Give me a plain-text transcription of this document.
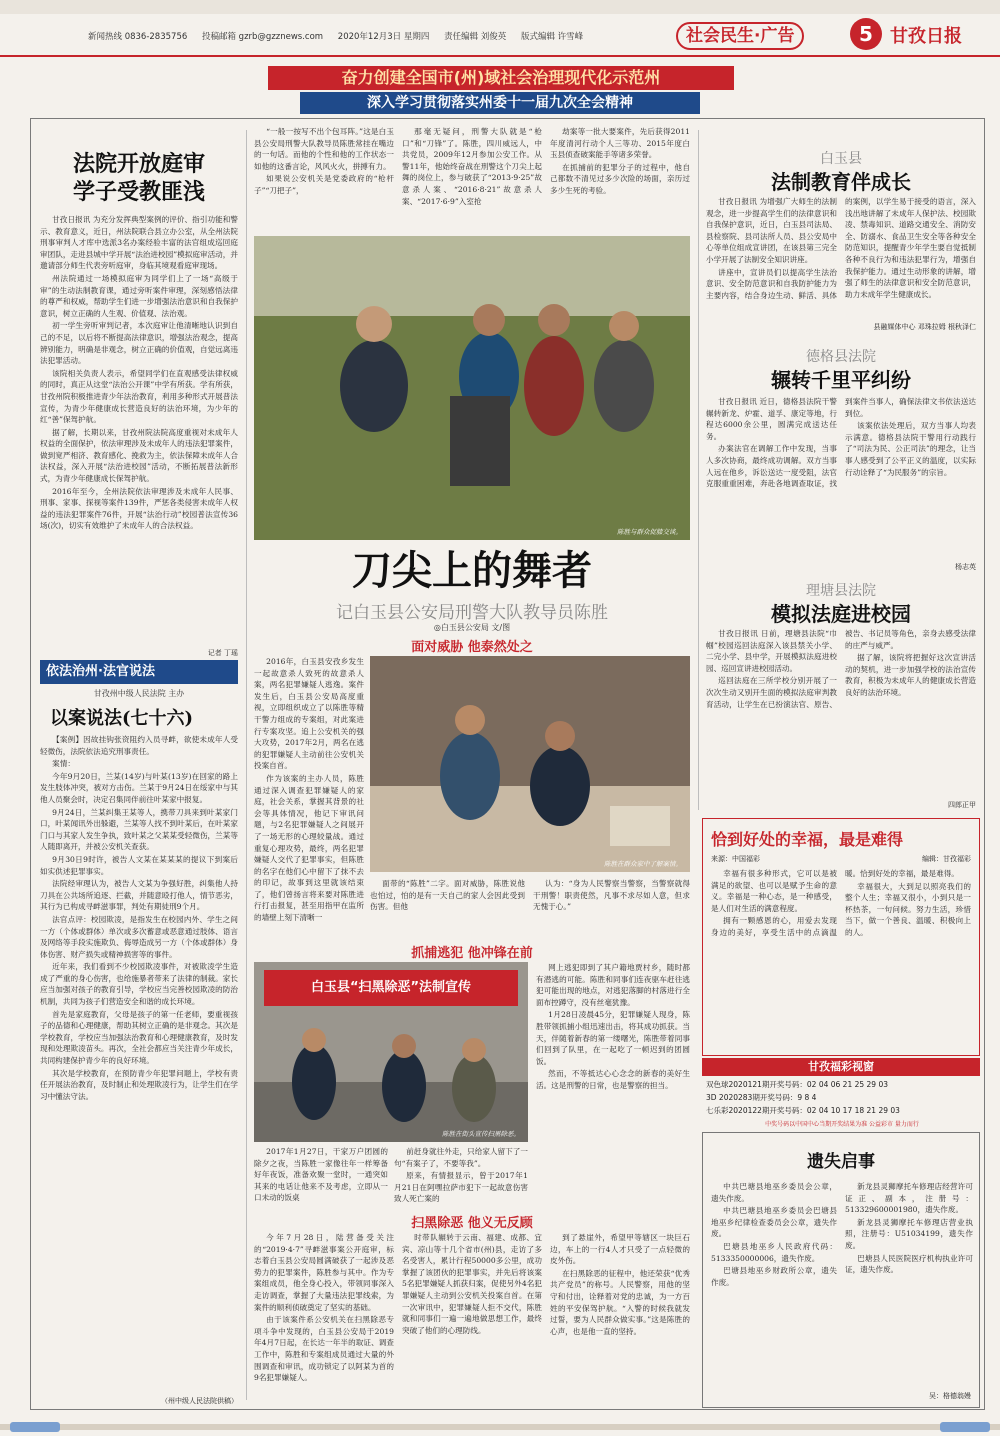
新闻热线 0836-2835756 投稿邮箱 gzrb@gzznews.com 2020年12月3日 星期四 责任编辑 刘俊英 版式编辑 许雪峰	社会民生·广告	5 甘孜日报
奋力创建全国市(州)域社会治理现代化示范州
深入学习贯彻落实州委十一届九次全会精神
法院开放庭审
学子受教匪浅

甘孜日报讯 为充分发挥典型案例的评价、指引功能和警示、教育意义，近日，州法院联合县立办公室，从全州法院刑事审判人才库中选派3名办案经验丰富的法官组成巡回庭审团队，走进县城中学开展“法治进校园”模拟庭审活动，并邀请部分师生代表旁听庭审，身临其境观看庭审现场。

州法院通过一场模拟庭审为同学们上了一场“高级于审”的生动法制教育课，通过旁听案件审理，深刻感悟法律的尊严和权威，帮助学生们进一步增强法治意识和自我保护意识，树立正确的人生观、价值观、法治观。

初一学生旁听审判记者，本次庭审让他清晰地认识到自己的不足，以后将不断提高法律意识，增强法治观念，提高辨别能力，明确是非观念，树立正确的价值观，自觉远离违法犯罪活动。

该院相关负责人表示，希望同学们在直观感受法律权威的同时，真正从这堂“法治公开课”中学有所获。学有所获，甘孜州院积极推进青少年法治教育，利用多种形式开展普法宣传，为青少年健康成长营造良好的法治环境，为少年的红“善”保驾护航。

据了解，长期以来，甘孜州院法院高度重视对未成年人权益的全面保护，依法审理涉及未成年人的违法犯罪案件，做到宽严相济、教育感化、挽救为主，依法保障未成年人合法权益，深入开展“法治进校园”活动，不断拓展普法新形式，为青少年健康成长保驾护航。

2016年至今，全州法院依法审理涉及未成年人民事、刑事、家事、探视等案件139件，严惩各类侵害未成年人权益的违法犯罪案件76件，开展“法治行动”校园普法宣传36场(次)，切实有效维护了未成年人的合法权益。

记者 丁瑶
依法治州·法官说法
甘孜州中级人民法院 主办
以案说法(七十六)

【案例】因故挂钩张资阻约入员寻衅，欲使未成年人受轻微伤，法院依法追究刑事责任。

案情：

今年9月20日，兰某(14岁)与叶某(13岁)在回家的路上发生肢体冲突，被对方击伤。兰某于9月24日在绥家中与其他人员聚会时，决定召集同伴前往叶某家中报复。

9月24日，兰某纠集王某等人，携带刀具来到叶某家门口，叶某闻讯外出躲避，兰某等人找不到叶某后，在叶某家门口与其家人发生争执，致叶某之父某某受轻微伤，兰某等人随即离开，并被公安机关查获。

9月30日9时许，被告人文某在某某某的提议下到案后如实供述犯罪事实。

法院经审理认为，被告人文某为争强好胜，纠集他人持刀具在公共场所追逐、拦截，并随意殴打他人，情节恶劣，其行为已构成寻衅滋事罪，判处有期徒刑9个月。

法官点评：校园欺凌，是指发生在校园内外、学生之间一方（个体或群体）单次或多次蓄意或恶意通过肢体、语言及网络等手段实施欺负、侮辱造成另一方（个体或群体）身体伤害、财产损失或精神损害等的事件。

近年来，我们看到不少校园欺凌事件，对被欺凌学生造成了严重的身心伤害，也给施暴者带来了法律的制裁。家长应当加强对孩子的教育引导，学校应当完善校园欺凌的防治机制，共同为孩子们营造安全和谐的成长环境。

首先是家庭教育，父母是孩子的第一任老师，要重视孩子的品德和心理健康，帮助其树立正确的是非观念。其次是学校教育，学校应当加强法治教育和心理健康教育，及时发现和处理欺凌苗头。再次，全社会都应当关注青少年成长，共同构建保护青少年的良好环境。

其次是学校教育，在预防青少年犯罪问题上，学校有责任开展法治教育，及时制止和处理欺凌行为，让学生们在学习中懂法守法。

（州中级人民法院供稿）

“一般一按写不出个包耳阵。”这是白玉县公安局刑警大队教导员陈胜常挂在嘴边的一句话。而他的个性和他的工作状态一如他的这番言论，风风火火，拼搏有力。

如果说公安机关是党委政府的“枪杆子”“刀把子”，

那毫无疑问，刑警大队就是“枪口”和“刀锋”了。陈胜，四川威远人，中共党员，2009年12月参加公安工作。从警11年，他始终奋战在刑警这个刀尖上起舞的岗位上，参与破获了“2013·9·25”故意杀人案、“2016·8·21”故意杀人案、“2017·6·9”入室抢

劫案等一批大要案件，先后获得2011年度清河行动个人三等功、2015年度白玉县侦查破案能手等诸多荣誉。

在抓捕前的犯罪分子的过程中，他自己都数不清见过多少次险的场面，亲历过多少生死的考验。

陈胜与群众促膝交谈。
刀尖上的舞者
记白玉县公安局刑警大队教导员陈胜
◎白玉县公安局 文/图
面对威胁 他泰然处之

2016年，白玉县安孜乡发生一起故意杀人致死的故意杀人案，两名犯罪嫌疑人逃逸。案件发生后，白玉县公安局高度重视，立即组织成立了以陈胜等精干警力组成的专案组，对此案进行专案攻坚。追上公安机关的强大攻势，2017年2月，两名在逃的犯罪嫌疑人主动前往公安机关投案自首。

作为该案的主办人员，陈胜通过深入调查犯罪嫌疑人的家庭，社会关系，掌握其背景的社会等具体情况，他记下审讯问题，与2名犯罪嫌疑人之间展开了一场无形的心理较量战。通过重复心理攻势，最终，两名犯罪嫌疑人交代了犯罪事实，但陈胜的名字在他们心中留下了抹不去的印记，故事到这里就该结束了，他们曾扬言将来要对陈胜进行打击报复，甚至用指甲在监所的墙壁上刻下清晰一

陈胜在群众家中了解案情。

面带的“陈胜”二字。面对威胁，陈胜说他也怕过，怕的是有一天自己的家人会因此受到伤害。但他

认为：“身为人民警察当警察，当警察就得干刑警！职责使然，凡事不求尽如人意，但求无愧于心。”

抓捕逃犯 他冲锋在前
白玉县“扫黑除恶”法制宣传
陈胜在街头宣传扫黑除恶。

网上逃犯即到了其户籍地贾村乡，随时都有潜逃的可能。陈胜和同事们连夜驱车赶往逃犯可能出现的地点，对逃犯落脚的村落进行全面布控蹲守，没有丝毫犹豫。

1月28日凌晨45分，犯罪嫌疑人现身，陈胜带领抓捕小组迅速出击，将其成功抓获。当天，伴随着新春的第一缕曙光，陈胜带着同事们回到了队里，在一起吃了一顿迟到的团圆饭。

然而，不等抵达心心念念的新春的美好生活。这是刑警的日常，也是警察的担当。

2017年1月27日，干家万户团圆的除夕之夜，当陈胜一家像往年一样筹备好年夜饭，准备欢聚一堂时，一通突如其来的电话让他来不及考虑，立即从一口未动的饭桌

前赶身就往外走，只给家人留下了一句“有案子了，不要等我”。

原来，有情报显示，曾于2017年1月21日在阿嘿拉萨市犯下一起故意伤害致人死亡案的

扫黑除恶 他义无反顾

今年7月28日，陆营备受关注的“2019·4·7”寻衅滋事案公开庭审，标志着白玉县公安局圆满破获了一起涉及恶势力的犯罪案件，陈胜参与其中。作为专案组成员，他全身心投入，带领同事深入走访调查，掌握了大量违法犯罪线索，为案件的顺利侦破奠定了坚实的基础。

由于该案件系公安机关在扫黑除恶专项斗争中发现的，白玉县公安局于2019年4月7日起，在长达一年半的取证、调查工作中，陈胜和专案组成员通过大量的外围调查和审讯，成功锁定了以阿某为首的9名犯罪嫌疑人。

时带队辗转于云南、福建、成都、宜宾、凉山等十几个省市(州)县，走访了多名受害人，累计行程50000多公里，成功掌握了该团伙的犯罪事实，并先后将该案5名犯罪嫌疑人抓获归案，促使另外4名犯罪嫌疑人主动到公安机关投案自首。在第一次审讯中，犯罪嫌疑人拒不交代，陈胜就和同事们一遍一遍地做思想工作，最终突破了他们的心理防线。

到了悬崖外，希望甲等辖区一块巨石边，车上的一行4人才只受了一点轻微的皮外伤。

在扫黑除恶的征程中，他还荣获“优秀共产党员”的称号。人民警察，用他的坚守和付出，诠释着对党的忠诚，为一方百姓的平安保驾护航。“入警的时候我就发过誓，要为人民群众做实事。”这是陈胜的心声，也是他一直的坚持。

白玉县
法制教育伴成长

甘孜日报讯 为增强广大师生的法制观念，进一步提高学生们的法律意识和自我保护意识，近日，白玉县司法局、县检察院、县司法所人员、县公安局中心等单位组成宣讲团，在该县第三完全小学开展了法制安全知识讲座。

讲座中，宣讲员们以提高学生法治意识、安全防范意识和自我防护能力为主要内容，结合身边生动、鲜活、具体的案例，以学生易于接受的语言，深入浅出地讲解了未成年人保护法、校园欺凌、禁毒知识、道路交通安全、消防安全、防溺水、食品卫生安全等各种安全防范知识，提醒青少年学生要自觉抵制各种不良行为和违法犯罪行为，增强自我保护能力。通过生动形象的讲解，增强了师生的法律意识和安全防范意识，助力未成年学生健康成长。

县融媒体中心 邓珠拉姆 根秋泽仁
德格县法院
辗转千里平纠纷

甘孜日报讯 近日，德格县法院干警辗转新龙、炉霍、道孚、康定等地，行程达6000余公里，圆满完成送达任务。

办案法官在调解工作中发现，当事人多次协商，最终成功调解。双方当事人远在他乡，诉讼送达一度受阻，法官克服重重困难，奔赴各地调查取证，找到案件当事人，确保法律文书依法送达到位。

该案依法处理后，双方当事人均表示满意。德格县法院干警用行动践行了“司法为民、公正司法”的理念，让当事人感受到了公平正义的温度，以实际行动诠释了“为民服务”的宗旨。

杨志英
理塘县法院
模拟法庭进校园

甘孜日报讯 日前，理塘县法院“巾帼”校园巡回法庭深入该县禁关小学、二完小学、县中学，开展模拟法庭进校园、巡回宣讲进校园活动。

巡回法庭在三所学校分别开展了一次次生动又别开生面的模拟法庭审判教育活动，让学生在已扮演法官、原告、被告、书记员等角色，亲身去感受法律的庄严与威严。

据了解，该院将把握好这次宣讲活动的契机，进一步加强学校的法治宣传教育，积极为未成年人的健康成长营造良好的法治环境。

四郎正甲
恰到好处的幸福，最是难得
来源：中国福彩	编辑：甘孜福彩

幸福有很多种形式，它可以是被满足的欲望、也可以是赋予生命的意义。幸福是一种心态，是一种感受，是人们对生活的满意程度。

拥有一颗感恩的心，用爱去发现身边的美好，享受生活中的点滴温暖。恰到好处的幸福，最是难得。

幸福很大，大到足以照亮我们的整个人生；幸福又很小，小到只是一杯热茶，一句问候。努力生活，珍惜当下，做一个善良、温暖、积极向上的人。

甘孜福彩视窗
双色球2020121期开奖号码：02 04 06 21 25 29 03
3D 2020283期开奖号码：9 8 4
七乐彩2020122期开奖号码：02 04 10 17 18 21 29 03
中奖号码以中国中心当期开奖结果为准 公益彩市 量力而行
遗失启事

中共巴塘县地巫乡委员会公章，遗失作废。

中共巴塘县地巫乡委员会巴塘县地巫乡纪律检查委员会公章，遗失作废。

巴塘县地巫乡人民政府代码：5133350000006，遗失作废。

巴塘县地巫乡财政所公章，遗失作废。

新龙县灵狮摩托车修理店经营许可证正、副本，注册号：513329600001980，遗失作废。

新龙县灵狮摩托车修理店营业执照，注册号：U51034199，遗失作废。

巴塘县人民医院医疗机构执业许可证，遗失作废。

吴：格德翁嫚
